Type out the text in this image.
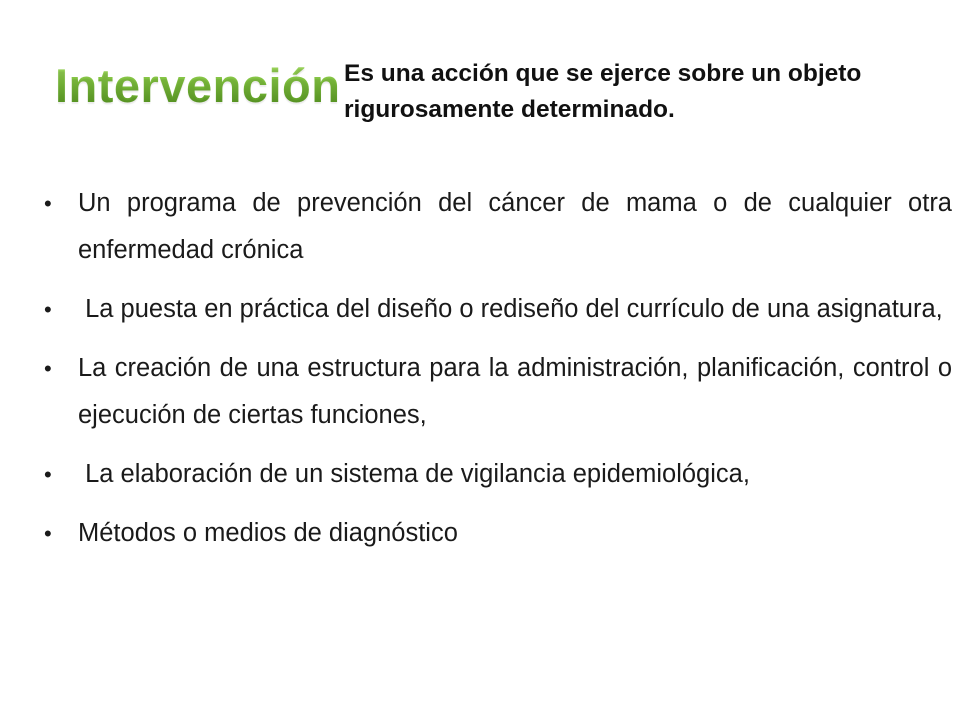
Intervención Es una acción que se ejerce sobre un objeto rigurosamente determinado.
• Un programa de prevención del cáncer de mama o de cualquier otra enfermedad crónica
• La puesta en práctica del diseño o rediseño del currículo de una asignatura,
• La creación de una estructura para la administración, planificación, control o ejecución de ciertas funciones,
• La elaboración de un sistema de vigilancia epidemiológica,
• Métodos o medios de diagnóstico
